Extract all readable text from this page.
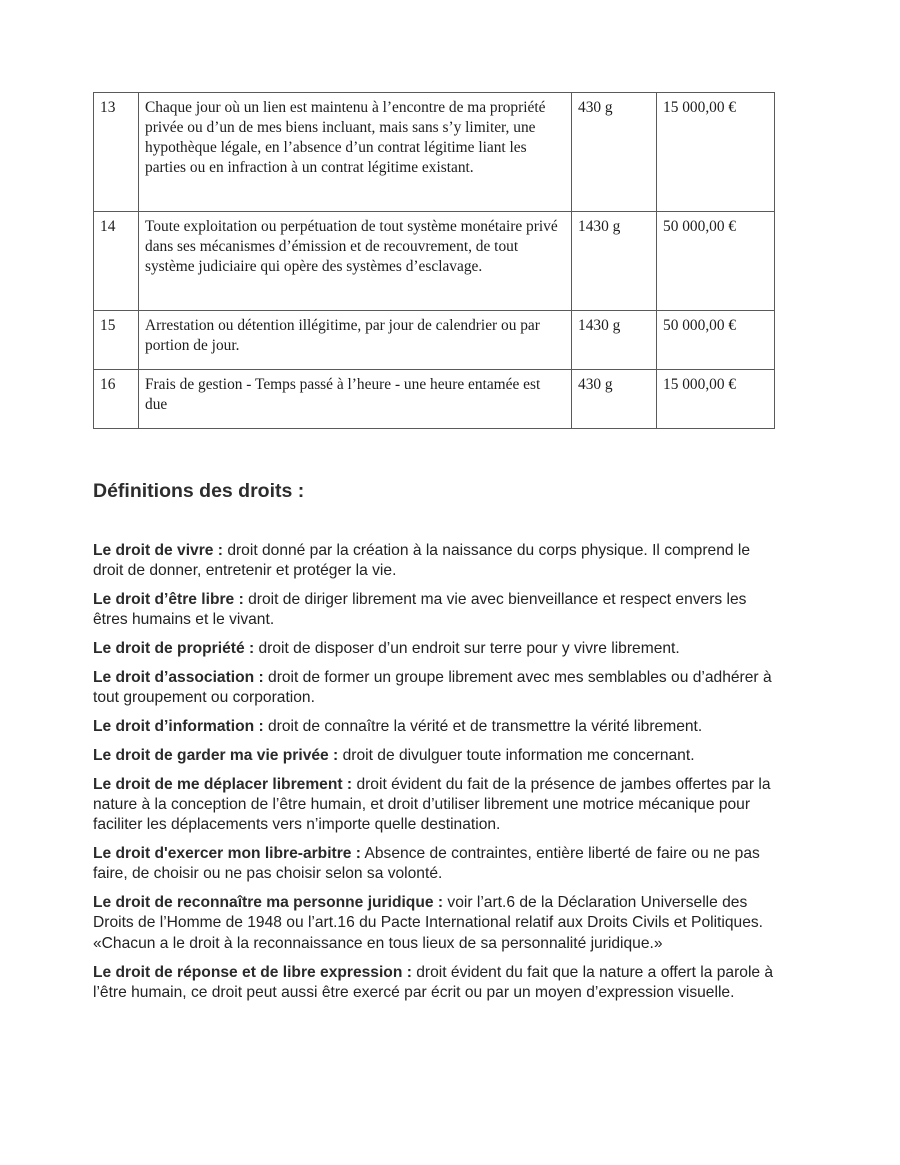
13	Chaque jour où un lien est maintenu à l’encontre de ma propriété privée ou d’un de mes biens incluant, mais sans s’y limiter, une hypothèque légale, en l’absence d’un contrat légitime liant les parties ou en infraction à un contrat légitime existant.	430 g	15 000,00 €
14	Toute exploitation ou perpétuation de tout système monétaire privé dans ses mécanismes d’émission et de recouvrement, de tout système judiciaire qui opère des systèmes d’esclavage.	1430 g	50 000,00 €
15	Arrestation ou détention illégitime, par jour de calendrier ou par portion de jour.	1430 g	50 000,00 €
16	Frais de gestion - Temps passé à l’heure - une heure entamée est due	430 g	15 000,00 €
Définitions des droits :

Le droit de vivre : droit donné par la création à la naissance du corps physique. Il comprend le droit de donner, entretenir et protéger la vie.

Le droit d’être libre : droit de diriger librement ma vie avec bienveillance et respect envers les êtres humains et le vivant.

Le droit de propriété : droit de disposer d’un endroit sur terre pour y vivre librement.

Le droit d’association : droit de former un groupe librement avec mes semblables ou d’adhérer à tout groupement ou corporation.

Le droit d’information : droit de connaître la vérité et de transmettre la vérité librement.

Le droit de garder ma vie privée : droit de divulguer toute information me concernant.

Le droit de me déplacer librement : droit évident du fait de la présence de jambes offertes par la nature à la conception de l’être humain, et droit d’utiliser librement une motrice mécanique pour faciliter les déplacements vers n’importe quelle destination.

Le droit d'exercer mon libre-arbitre : Absence de contraintes, entière liberté de faire ou ne pas faire, de choisir ou ne pas choisir selon sa volonté.

Le droit de reconnaître ma personne juridique : voir l’art.6 de la Déclaration Universelle des Droits de l’Homme de 1948 ou l’art.16 du Pacte International relatif aux Droits Civils et Politiques.
«Chacun a le droit à la reconnaissance en tous lieux de sa personnalité juridique.»

Le droit de réponse et de libre expression : droit évident du fait que la nature a offert la parole à l’être humain, ce droit peut aussi être exercé par écrit ou par un moyen d’expression visuelle.
